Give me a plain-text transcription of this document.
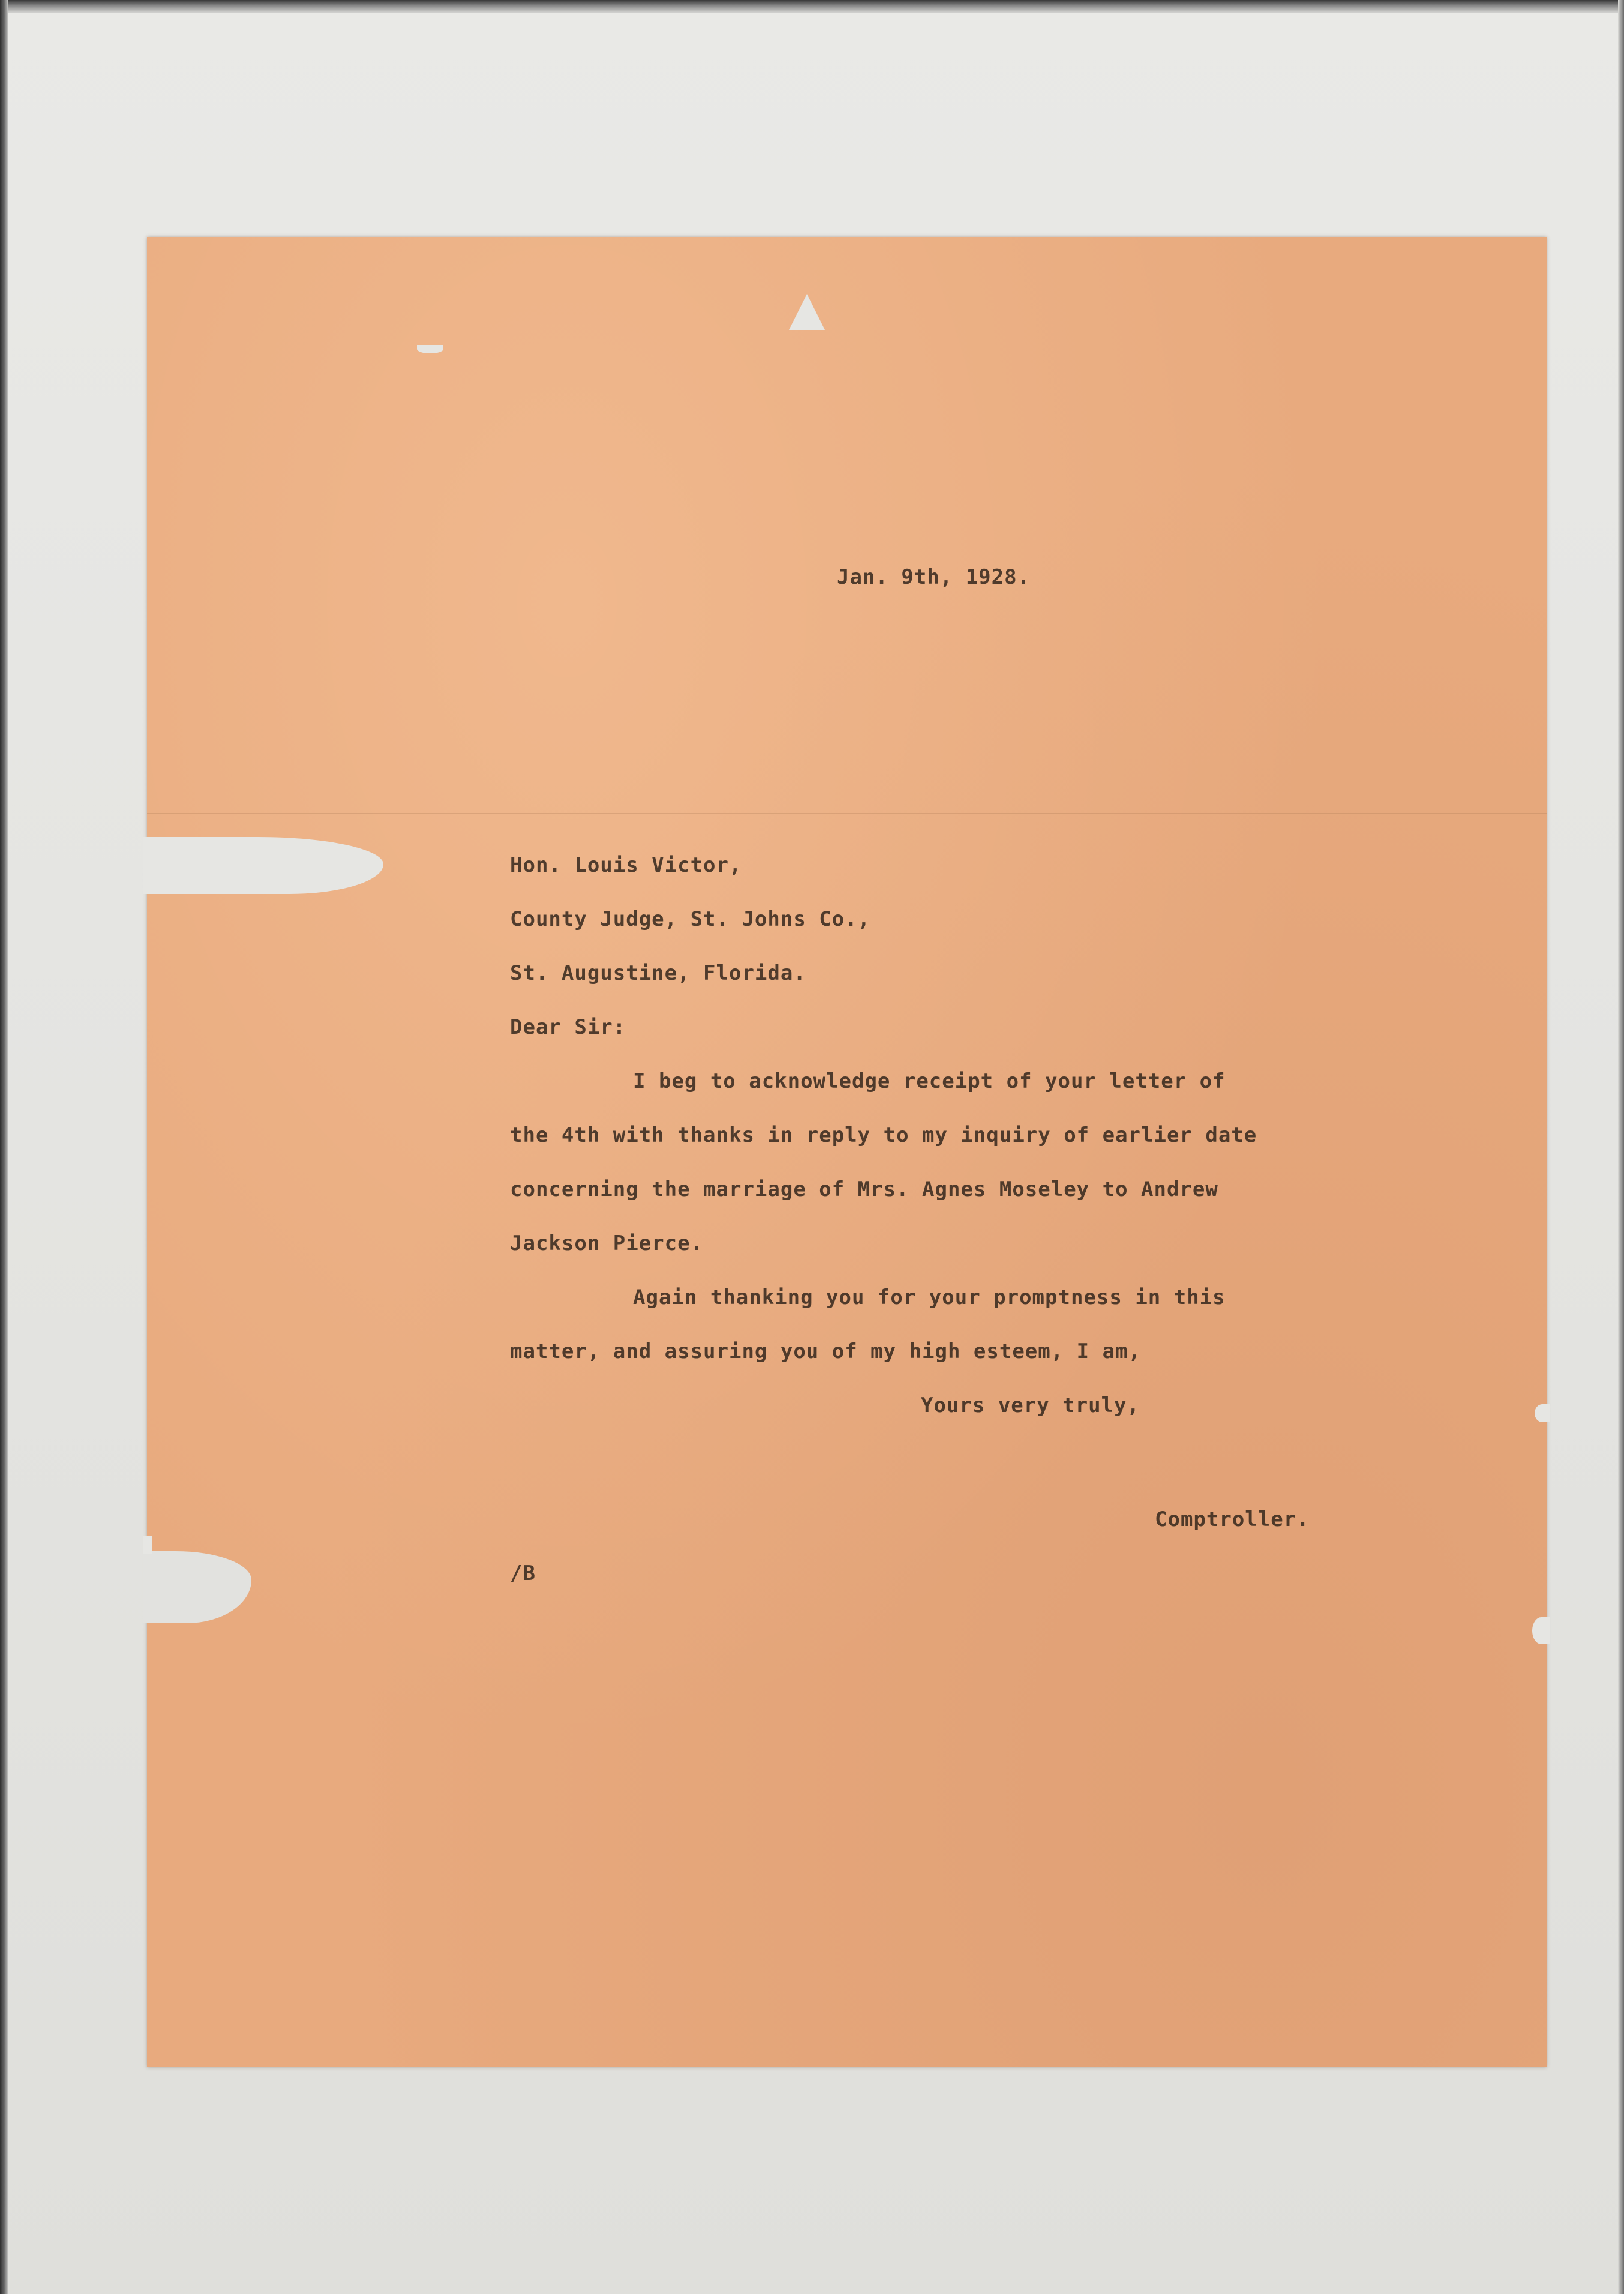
Jan. 9th, 1928.

Hon. Louis Victor,

County Judge, St. Johns Co.,

St. Augustine, Florida.

Dear Sir:

I beg to acknowledge receipt of your letter of

the 4th with thanks in reply to my inquiry of earlier date

concerning the marriage of Mrs. Agnes Moseley to Andrew

Jackson Pierce.

Again thanking you for your promptness in this

matter, and assuring you of my high esteem, I am,

Yours very truly,

Comptroller.

/B
